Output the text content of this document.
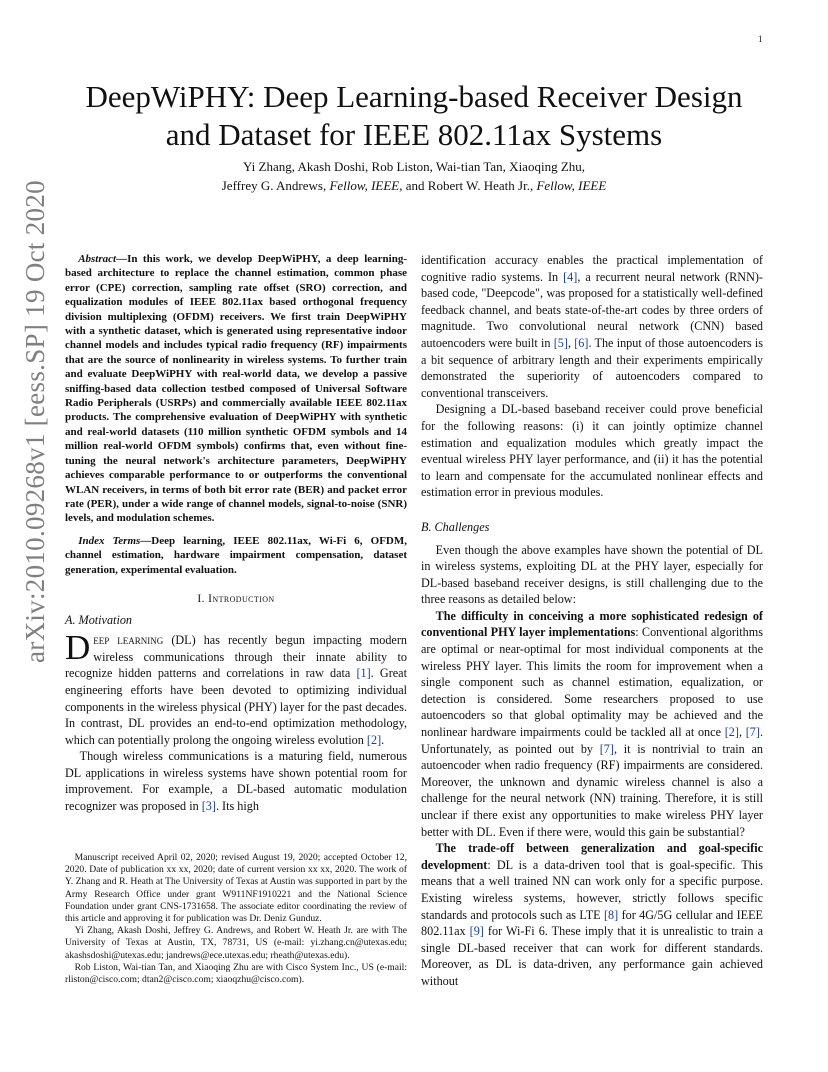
1
arXiv:2010.09268v1 [eess.SP] 19 Oct 2020
DeepWiPHY: Deep Learning-based Receiver Design
and Dataset for IEEE 802.11ax Systems
Yi Zhang, Akash Doshi, Rob Liston, Wai-tian Tan, Xiaoqing Zhu,
Jeffrey G. Andrews, Fellow, IEEE, and Robert W. Heath Jr., Fellow, IEEE

Abstract—In this work, we develop DeepWiPHY, a deep learning-based architecture to replace the channel estimation, common phase error (CPE) correction, sampling rate offset (SRO) correction, and equalization modules of IEEE 802.11ax based orthogonal frequency division multiplexing (OFDM) receivers. We first train DeepWiPHY with a synthetic dataset, which is generated using representative indoor channel models and includes typical radio frequency (RF) impairments that are the source of nonlinearity in wireless systems. To further train and evaluate DeepWiPHY with real-world data, we develop a passive sniffing-based data collection testbed composed of Universal Software Radio Peripherals (USRPs) and commercially available IEEE 802.11ax products. The comprehensive evaluation of DeepWiPHY with synthetic and real-world datasets (110 million synthetic OFDM symbols and 14 million real-world OFDM symbols) confirms that, even without fine-tuning the neural network's architecture parameters, DeepWiPHY achieves comparable performance to or outperforms the conventional WLAN receivers, in terms of both bit error rate (BER) and packet error rate (PER), under a wide range of channel models, signal-to-noise (SNR) levels, and modulation schemes.

Index Terms—Deep learning, IEEE 802.11ax, Wi-Fi 6, OFDM, channel estimation, hardware impairment compensation, dataset generation, experimental evaluation.

I. Introduction
A. Motivation

Deep learning (DL) has recently begun impacting modern wireless communications through their innate ability to recognize hidden patterns and correlations in raw data [1]. Great engineering efforts have been devoted to optimizing individual components in the wireless physical (PHY) layer for the past decades. In contrast, DL provides an end-to-end optimization methodology, which can potentially prolong the ongoing wireless evolution [2].

Though wireless communications is a maturing field, numerous DL applications in wireless systems have shown potential room for improvement. For example, a DL-based automatic modulation recognizer was proposed in [3]. Its high

Manuscript received April 02, 2020; revised August 19, 2020; accepted October 12, 2020. Date of publication xx xx, 2020; date of current version xx xx, 2020. The work of Y. Zhang and R. Heath at The University of Texas at Austin was supported in part by the Army Research Office under grant W911NF1910221 and the National Science Foundation under grant CNS-1731658. The associate editor coordinating the review of this article and approving it for publication was Dr. Deniz Gunduz.

Yi Zhang, Akash Doshi, Jeffrey G. Andrews, and Robert W. Heath Jr. are with The University of Texas at Austin, TX, 78731, US (e-mail: yi.zhang.cn@utexas.edu; akashsdoshi@utexas.edu; jandrews@ece.utexas.edu; rheath@utexas.edu).

Rob Liston, Wai-tian Tan, and Xiaoqing Zhu are with Cisco System Inc., US (e-mail: rliston@cisco.com; dtan2@cisco.com; xiaoqzhu@cisco.com).

identification accuracy enables the practical implementation of cognitive radio systems. In [4], a recurrent neural network (RNN)-based code, "Deepcode", was proposed for a statistically well-defined feedback channel, and beats state-of-the-art codes by three orders of magnitude. Two convolutional neural network (CNN) based autoencoders were built in [5], [6]. The input of those autoencoders is a bit sequence of arbitrary length and their experiments empirically demonstrated the superiority of autoencoders compared to conventional transceivers.

Designing a DL-based baseband receiver could prove beneficial for the following reasons: (i) it can jointly optimize channel estimation and equalization modules which greatly impact the eventual wireless PHY layer performance, and (ii) it has the potential to learn and compensate for the accumulated nonlinear effects and estimation error in previous modules.

B. Challenges

Even though the above examples have shown the potential of DL in wireless systems, exploiting DL at the PHY layer, especially for DL-based baseband receiver designs, is still challenging due to the three reasons as detailed below:

The difficulty in conceiving a more sophisticated redesign of conventional PHY layer implementations: Conventional algorithms are optimal or near-optimal for most individual components at the wireless PHY layer. This limits the room for improvement when a single component such as channel estimation, equalization, or detection is considered. Some researchers proposed to use autoencoders so that global optimality may be achieved and the nonlinear hardware impairments could be tackled all at once [2], [7]. Unfortunately, as pointed out by [7], it is nontrivial to train an autoencoder when radio frequency (RF) impairments are considered. Moreover, the unknown and dynamic wireless channel is also a challenge for the neural network (NN) training. Therefore, it is still unclear if there exist any opportunities to make wireless PHY layer better with DL. Even if there were, would this gain be substantial?

The trade-off between generalization and goal-specific development: DL is a data-driven tool that is goal-specific. This means that a well trained NN can work only for a specific purpose. Existing wireless systems, however, strictly follows specific standards and protocols such as LTE [8] for 4G/5G cellular and IEEE 802.11ax [9] for Wi-Fi 6. These imply that it is unrealistic to train a single DL-based receiver that can work for different standards. Moreover, as DL is data-driven, any performance gain achieved without
